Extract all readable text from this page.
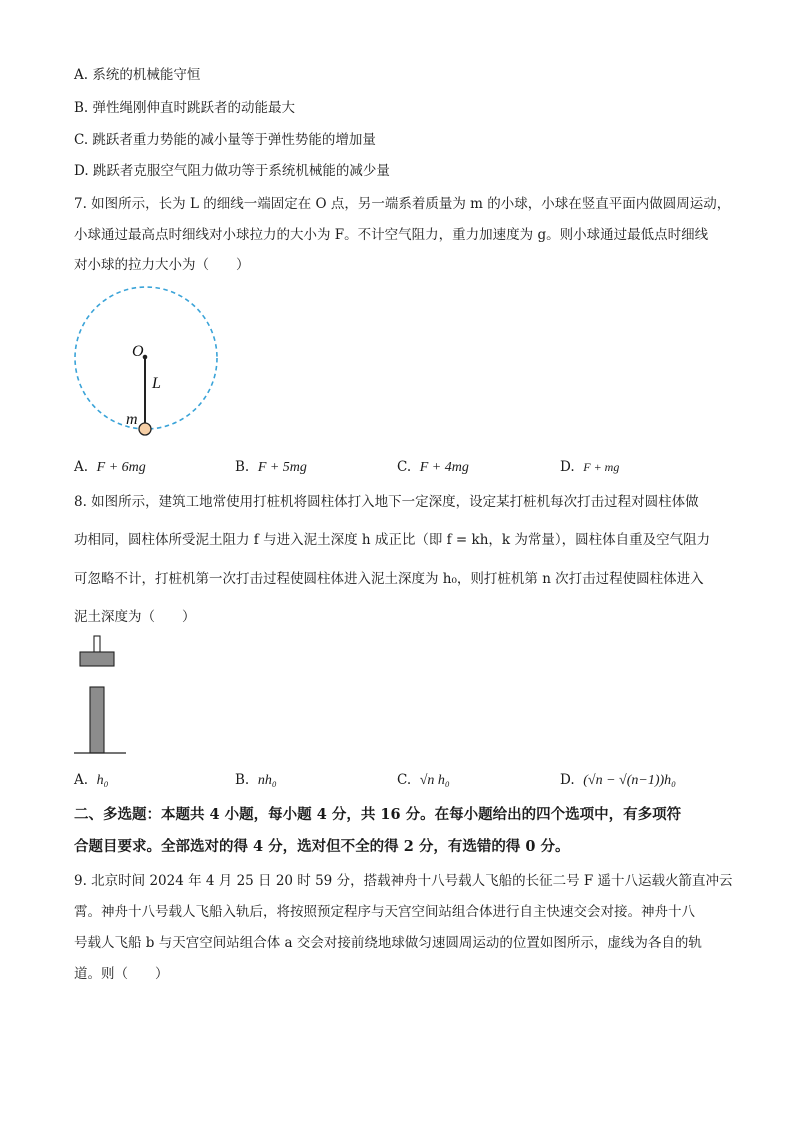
A. 系统的机械能守恒
B. 弹性绳刚伸直时跳跃者的动能最大
C. 跳跃者重力势能的减小量等于弹性势能的增加量
D. 跳跃者克服空气阻力做功等于系统机械能的减少量
7. 如图所示，长为 L 的细线一端固定在 O 点，另一端系着质量为 m 的小球，小球在竖直平面内做圆周运动，
小球通过最高点时细线对小球拉力的大小为 F。不计空气阻力，重力加速度为 g。则小球通过最低点时细线
对小球的拉力大小为（　　）
O
L
m
A. F + 6mg	B. F + 5mg	C. F + 4mg	D. F + mg
8. 如图所示，建筑工地常使用打桩机将圆柱体打入地下一定深度，设定某打桩机每次打击过程对圆柱体做
功相同，圆柱体所受泥土阻力 f 与进入泥土深度 h 成正比（即 f = kh，k 为常量），圆柱体自重及空气阻力
可忽略不计，打桩机第一次打击过程使圆柱体进入泥土深度为 h₀，则打桩机第 n 次打击过程使圆柱体进入
泥土深度为（　　）
A. h₀	B. nh₀	C. √n h₀	D. (√n − √(n−1))h₀
二、多选题：本题共 4 小题，每小题 4 分，共 16 分。在每小题给出的四个选项中，有多项符
合题目要求。全部选对的得 4 分，选对但不全的得 2 分，有选错的得 0 分。
9. 北京时间 2024 年 4 月 25 日 20 时 59 分，搭载神舟十八号载人飞船的长征二号 F 遥十八运载火箭直冲云
霄。神舟十八号载人飞船入轨后，将按照预定程序与天宫空间站组合体进行自主快速交会对接。神舟十八
号载人飞船 b 与天宫空间站组合体 a 交会对接前绕地球做匀速圆周运动的位置如图所示，虚线为各自的轨
道。则（　　）
